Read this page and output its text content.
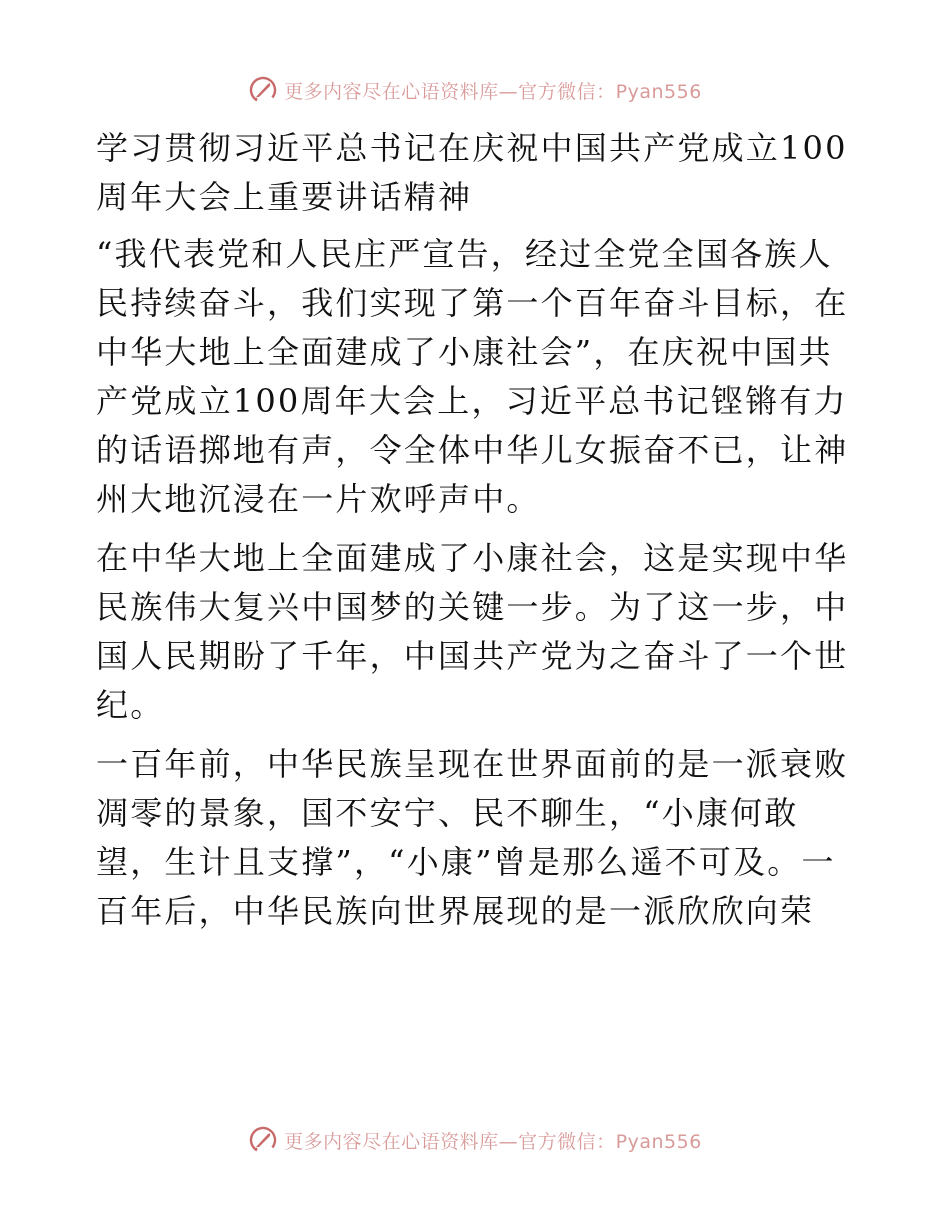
更多内容尽在心语资料库—官方微信：Pyan556

学习贯彻习近平总书记在庆祝中国共产党成立100周年大会上重要讲话精神

“我代表党和人民庄严宣告，经过全党全国各族人民持续奋斗，我们实现了第一个百年奋斗目标，在中华大地上全面建成了小康社会”，在庆祝中国共产党成立100周年大会上，习近平总书记铿锵有力的话语掷地有声，令全体中华儿女振奋不已，让神州大地沉浸在一片欢呼声中。

在中华大地上全面建成了小康社会，这是实现中华民族伟大复兴中国梦的关键一步。为了这一步，中国人民期盼了千年，中国共产党为之奋斗了一个世纪。

一百年前，中华民族呈现在世界面前的是一派衰败凋零的景象，国不安宁、民不聊生，“小康何敢望，生计且支撑”，“小康”曾是那么遥不可及。一百年后，中华民族向世界展现的是一派欣欣向荣

更多内容尽在心语资料库—官方微信：Pyan556
